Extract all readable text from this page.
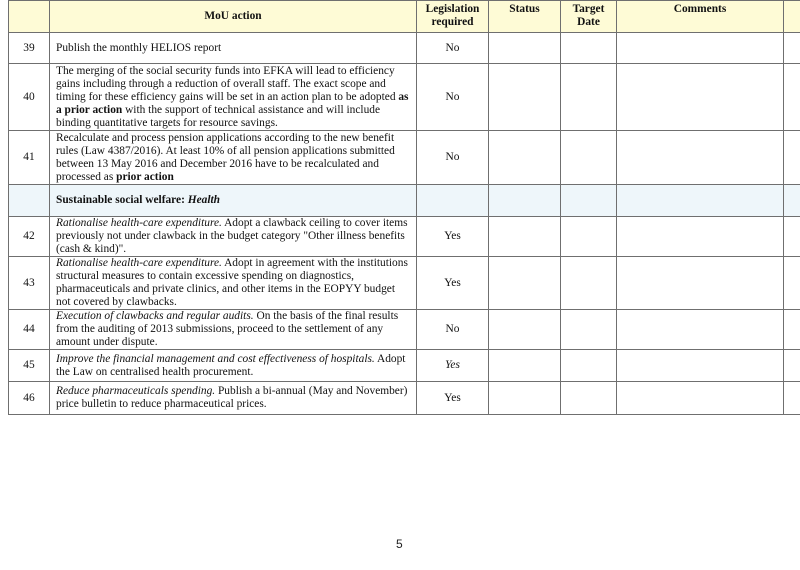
	MoU action	Legislation required	Status	Target Date	Comments	
39	Publish the monthly HELIOS report	No				
40	The merging of the social security funds into EFKA will lead to efficiency gains including through a reduction of overall staff. The exact scope and timing for these efficiency gains will be set in an action plan to be adopted as a prior action with the support of technical assistance and will include binding quantitative targets for resource savings.	No				
41	Recalculate and process pension applications according to the new benefit rules (Law 4387/2016). At least 10% of all pension applications submitted between 13 May 2016 and December 2016 have to be recalculated and processed as prior action	No				
	Sustainable social welfare: Health					
42	Rationalise health-care expenditure. Adopt a clawback ceiling to cover items previously not under clawback in the budget category "Other illness benefits (cash & kind)".	Yes				
43	Rationalise health-care expenditure. Adopt in agreement with the institutions structural measures to contain excessive spending on diagnostics, pharmaceuticals and private clinics, and other items in the EOPYY budget not covered by clawbacks.	Yes				
44	Execution of clawbacks and regular audits. On the basis of the final results from the auditing of 2013 submissions, proceed to the settlement of any amount under dispute.	No				
45	Improve the financial management and cost effectiveness of hospitals. Adopt the Law on centralised health procurement.	Yes				
46	Reduce pharmaceuticals spending. Publish a bi-annual (May and November) price bulletin to reduce pharmaceutical prices.	Yes				
5
